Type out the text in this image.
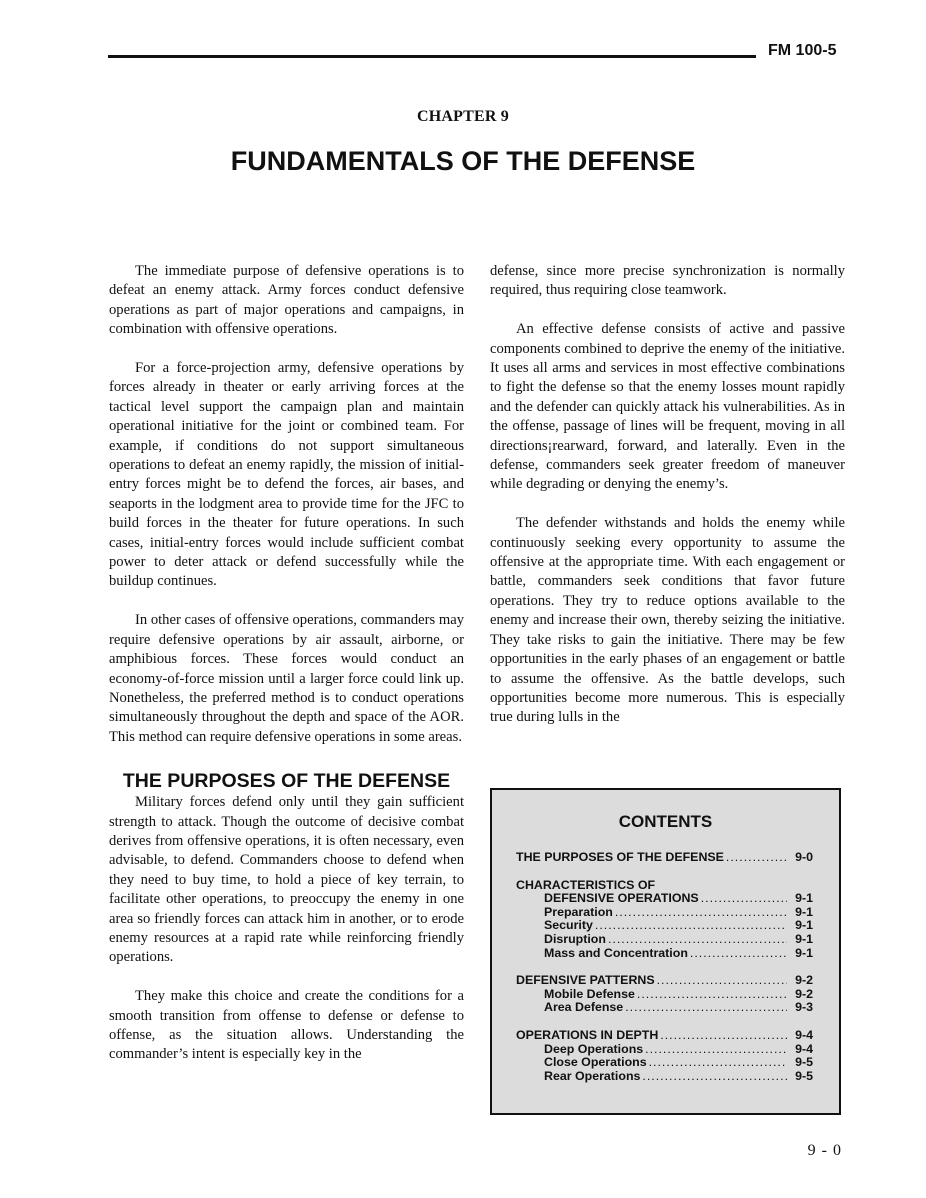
FM 100-5
CHAPTER 9
FUNDAMENTALS OF THE DEFENSE

The immediate purpose of defensive operations is to defeat an enemy attack. Army forces conduct defensive operations as part of major operations and campaigns, in combination with offensive operations.

For a force-projection army, defensive operations by forces already in theater or early arriving forces at the tactical level support the campaign plan and maintain operational initiative for the joint or combined team. For example, if conditions do not support simultaneous operations to defeat an enemy rapidly, the mission of initial-entry forces might be to defend the forces, air bases, and seaports in the lodgment area to provide time for the JFC to build forces in the theater for future operations. In such cases, initial-entry forces would include sufficient combat power to deter attack or defend successfully while the buildup continues.

In other cases of offensive operations, commanders may require defensive operations by air assault, airborne, or amphibious forces. These forces would conduct an economy-of-force mission until a larger force could link up. Nonetheless, the preferred method is to conduct operations simultaneously throughout the depth and space of the AOR. This method can require defensive operations in some areas.

THE PURPOSES OF THE DEFENSE

Military forces defend only until they gain sufficient strength to attack. Though the outcome of decisive combat derives from offensive operations, it is often necessary, even advisable, to defend. Commanders choose to defend when they need to buy time, to hold a piece of key terrain, to facilitate other operations, to preoccupy the enemy in one area so friendly forces can attack him in another, or to erode enemy resources at a rapid rate while reinforcing friendly operations.

They make this choice and create the conditions for a smooth transition from offense to defense or defense to offense, as the situation allows. Understanding the commander’s intent is especially key in the

defense, since more precise synchronization is normally required, thus requiring close teamwork.

An effective defense consists of active and passive components combined to deprive the enemy of the initiative. It uses all arms and services in most effective combinations to fight the defense so that the enemy losses mount rapidly and the defender can quickly attack his vulnerabilities. As in the offense, passage of lines will be frequent, moving in all directions¡rearward, forward, and laterally. Even in the defense, commanders seek greater freedom of maneuver while degrading or denying the enemy’s.

The defender withstands and holds the enemy while continuously seeking every opportunity to assume the offensive at the appropriate time. With each engagement or battle, commanders seek conditions that favor future operations. They try to reduce options available to the enemy and increase their own, thereby seizing the initiative. They take risks to gain the initiative. There may be few opportunities in the early phases of an engagement or battle to assume the offensive. As the battle develops, such opportunities become more numerous. This is especially true during lulls in the

CONTENTS
THE PURPOSES OF THE DEFENSE .....	9-0
CHARACTERISTICS OF
DEFENSIVE OPERATIONS .....	9-1
Preparation .....	9-1
Security .....	9-1
Disruption .....	9-1
Mass and Concentration .....	9-1
DEFENSIVE PATTERNS .....	9-2
Mobile Defense .....	9-2
Area Defense .....	9-3
OPERATIONS IN DEPTH .....	9-4
Deep Operations .....	9-4
Close Operations .....	9-5
Rear Operations .....	9-5
9 - 0
